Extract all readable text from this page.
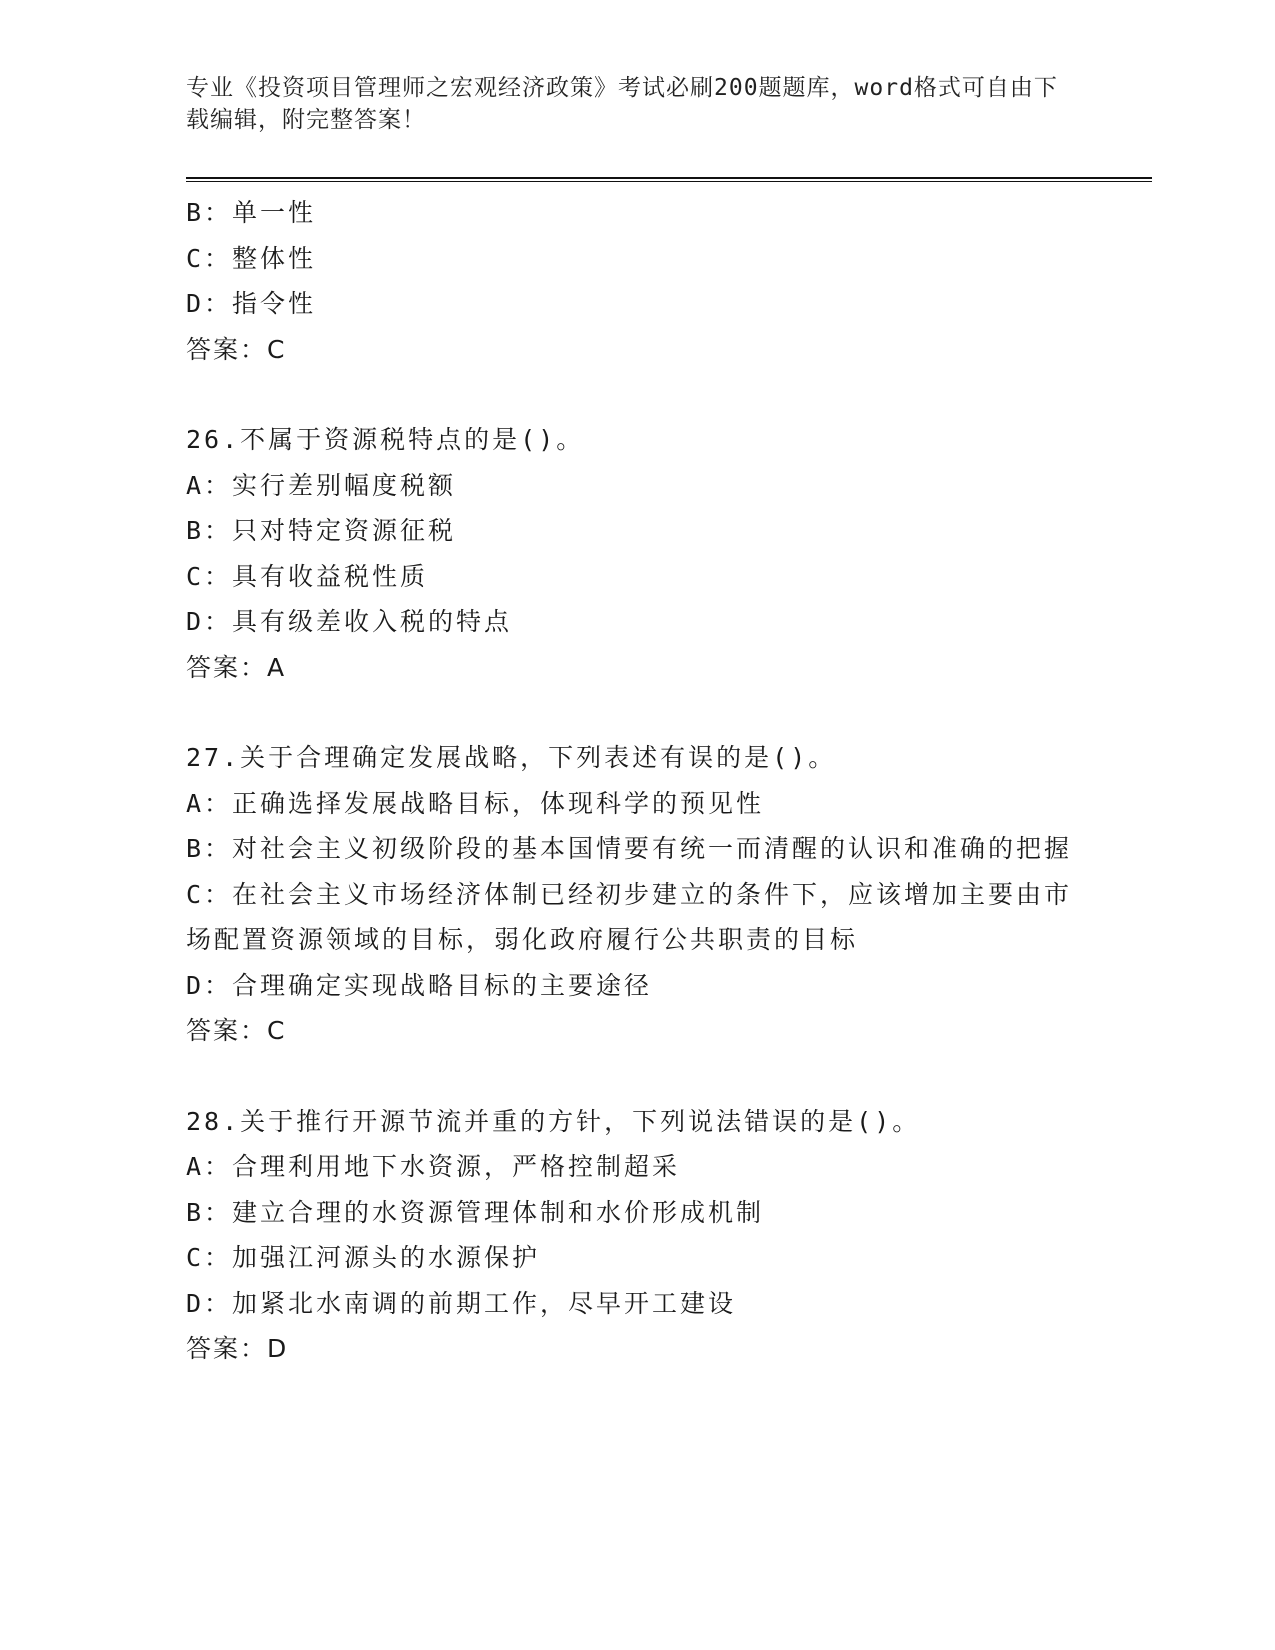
专业《投资项目管理师之宏观经济政策》考试必刷200题题库，word格式可自由下载编辑，附完整答案！
B：单一性
C：整体性
D：指令性
答案：C
26.不属于资源税特点的是()。
A：实行差别幅度税额
B：只对特定资源征税
C：具有收益税性质
D：具有级差收入税的特点
答案：A
27.关于合理确定发展战略，下列表述有误的是()。
A：正确选择发展战略目标，体现科学的预见性
B：对社会主义初级阶段的基本国情要有统一而清醒的认识和准确的把握
C：在社会主义市场经济体制已经初步建立的条件下，应该增加主要由市场配置资源领域的目标，弱化政府履行公共职责的目标
D：合理确定实现战略目标的主要途径
答案：C
28.关于推行开源节流并重的方针，下列说法错误的是()。
A：合理利用地下水资源，严格控制超采
B：建立合理的水资源管理体制和水价形成机制
C：加强江河源头的水源保护
D：加紧北水南调的前期工作，尽早开工建设
答案：D
